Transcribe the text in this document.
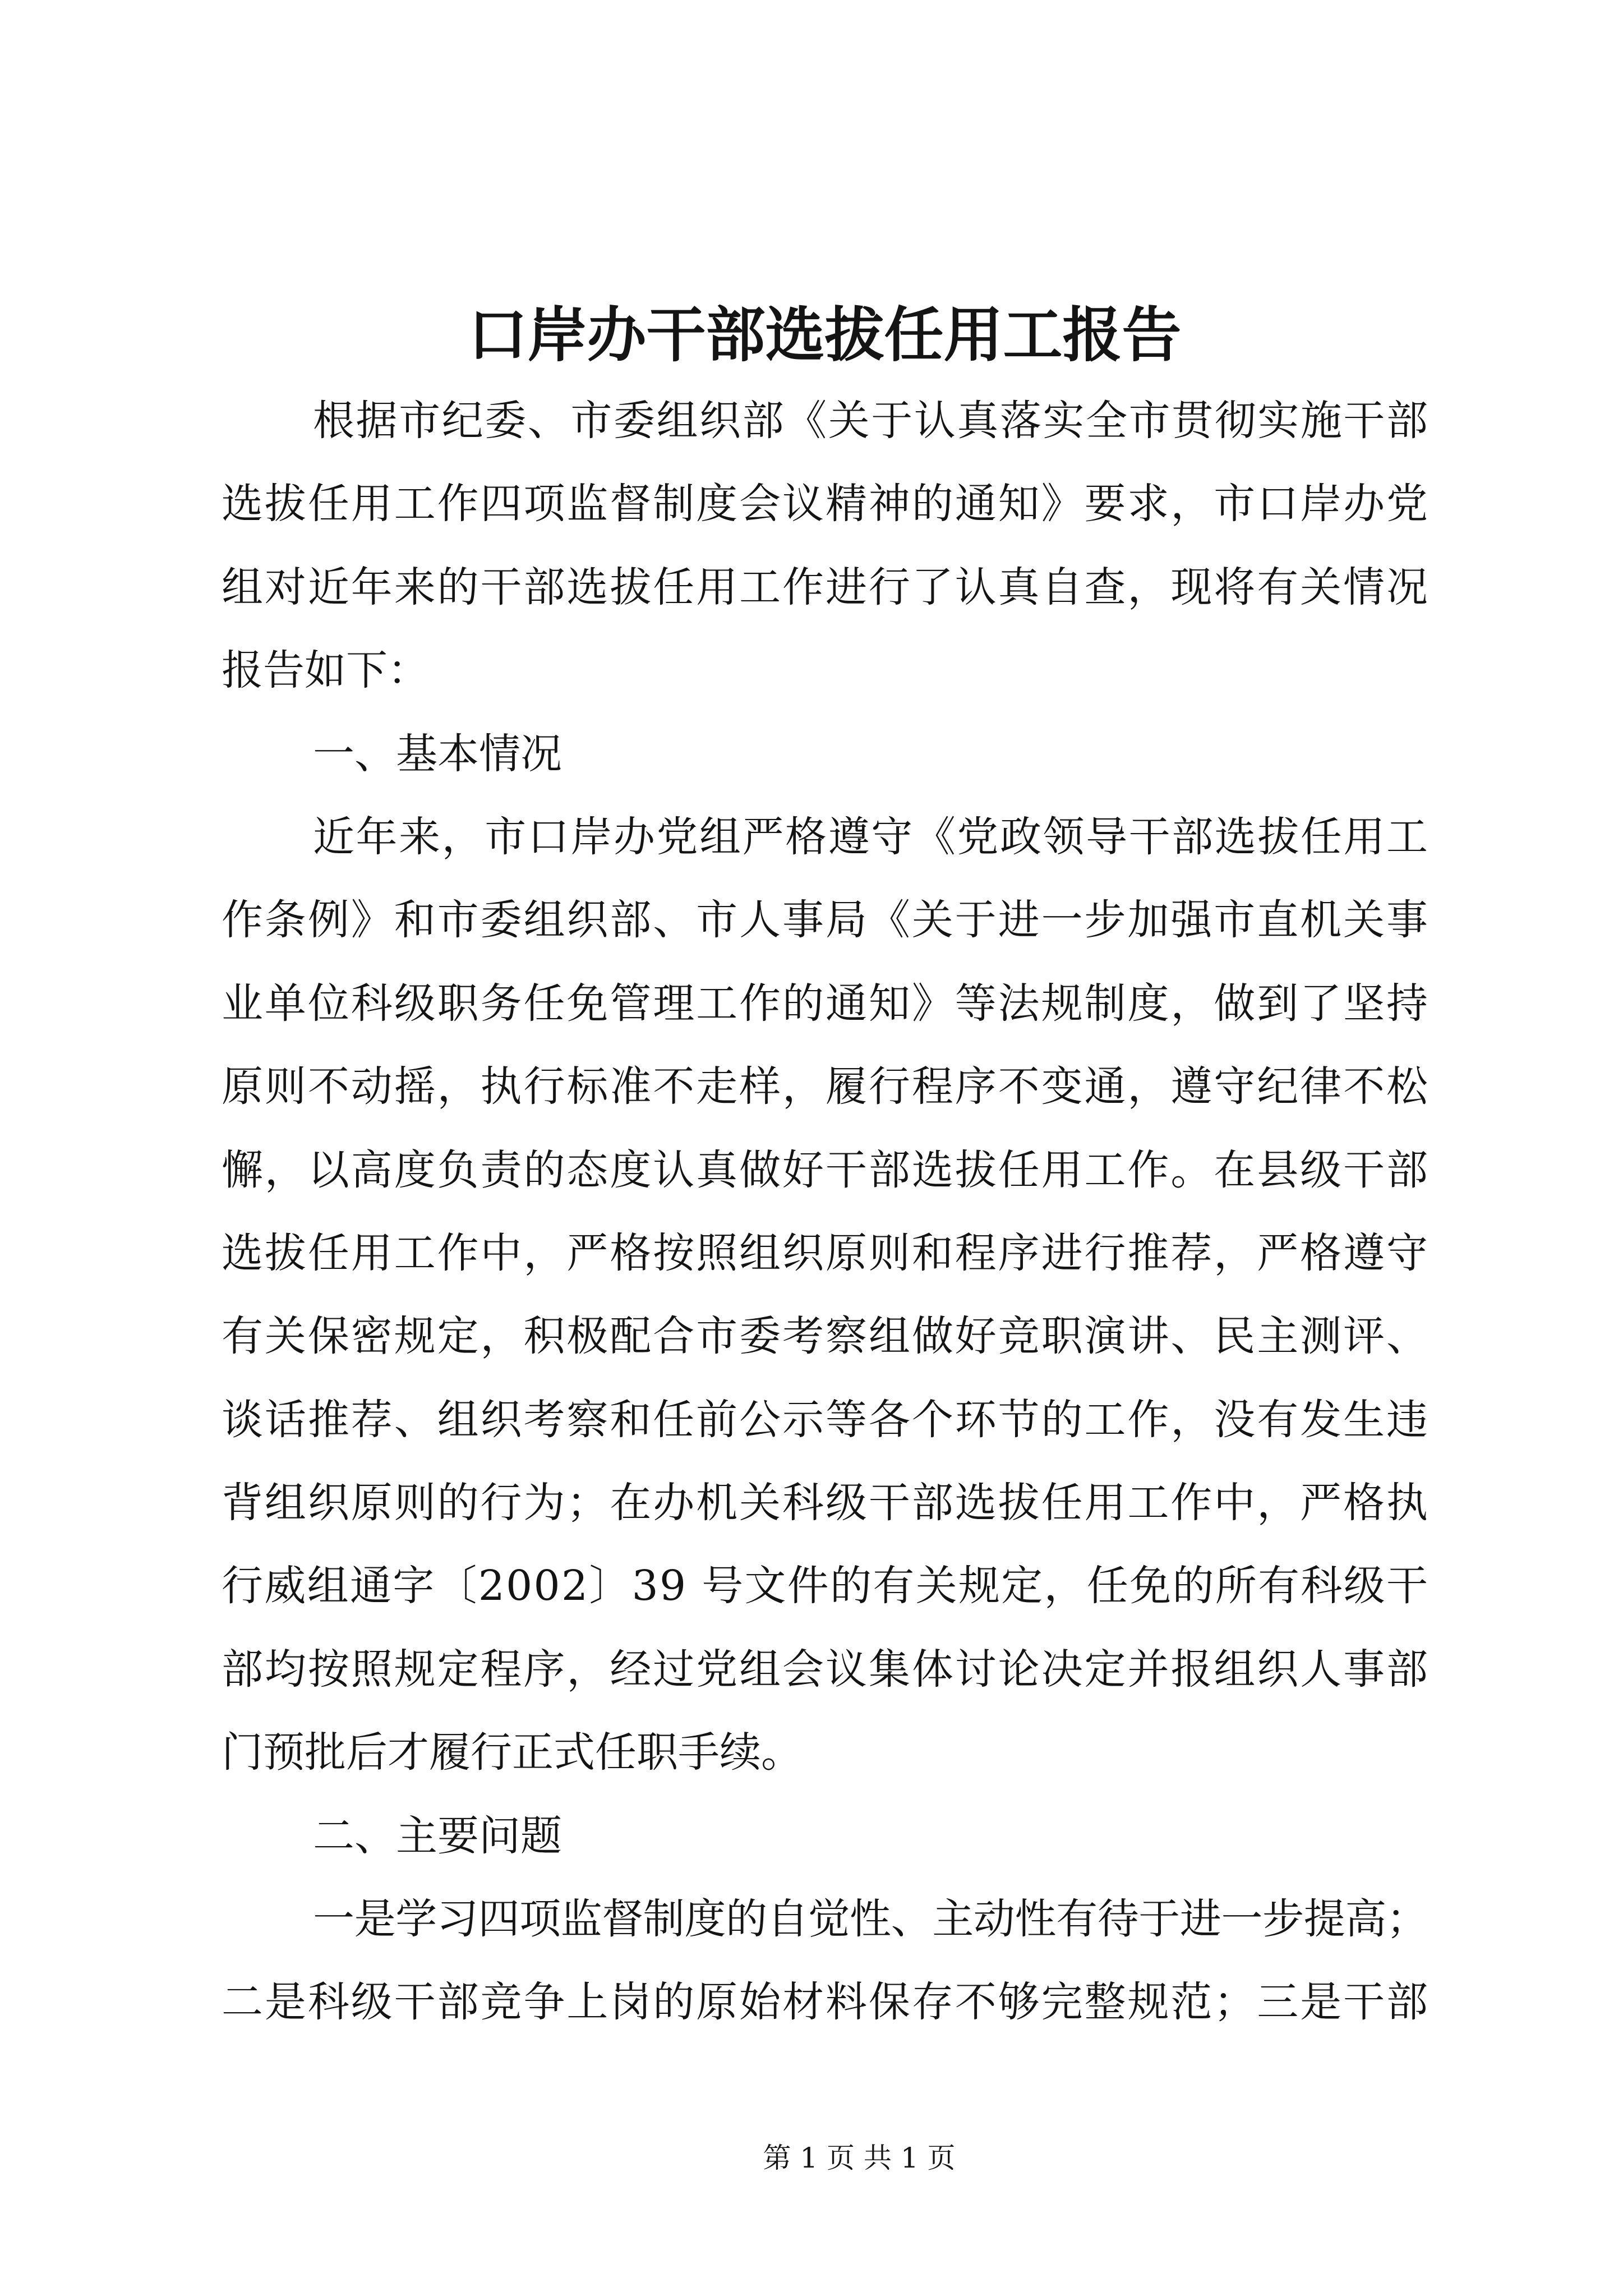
口岸办干部选拔任用工报告
根据市纪委、市委组织部《关于认真落实全市贯彻实施干部
选拔任用工作四项监督制度会议精神的通知》要求，市口岸办党
组对近年来的干部选拔任用工作进行了认真自查，现将有关情况
报告如下：
一、基本情况
近年来，市口岸办党组严格遵守《党政领导干部选拔任用工
作条例》和市委组织部、市人事局《关于进一步加强市直机关事
业单位科级职务任免管理工作的通知》等法规制度，做到了坚持
原则不动摇，执行标准不走样，履行程序不变通，遵守纪律不松
懈，以高度负责的态度认真做好干部选拔任用工作。在县级干部
选拔任用工作中，严格按照组织原则和程序进行推荐，严格遵守
有关保密规定，积极配合市委考察组做好竞职演讲、民主测评、
谈话推荐、组织考察和任前公示等各个环节的工作，没有发生违
背组织原则的行为；在办机关科级干部选拔任用工作中，严格执
行威组通字〔2002〕39 号文件的有关规定，任免的所有科级干
部均按照规定程序，经过党组会议集体讨论决定并报组织人事部
门预批后才履行正式任职手续。
二、主要问题
一是学习四项监督制度的自觉性、主动性有待于进一步提高；
二是科级干部竞争上岗的原始材料保存不够完整规范；三是干部
第 1 页 共 1 页
